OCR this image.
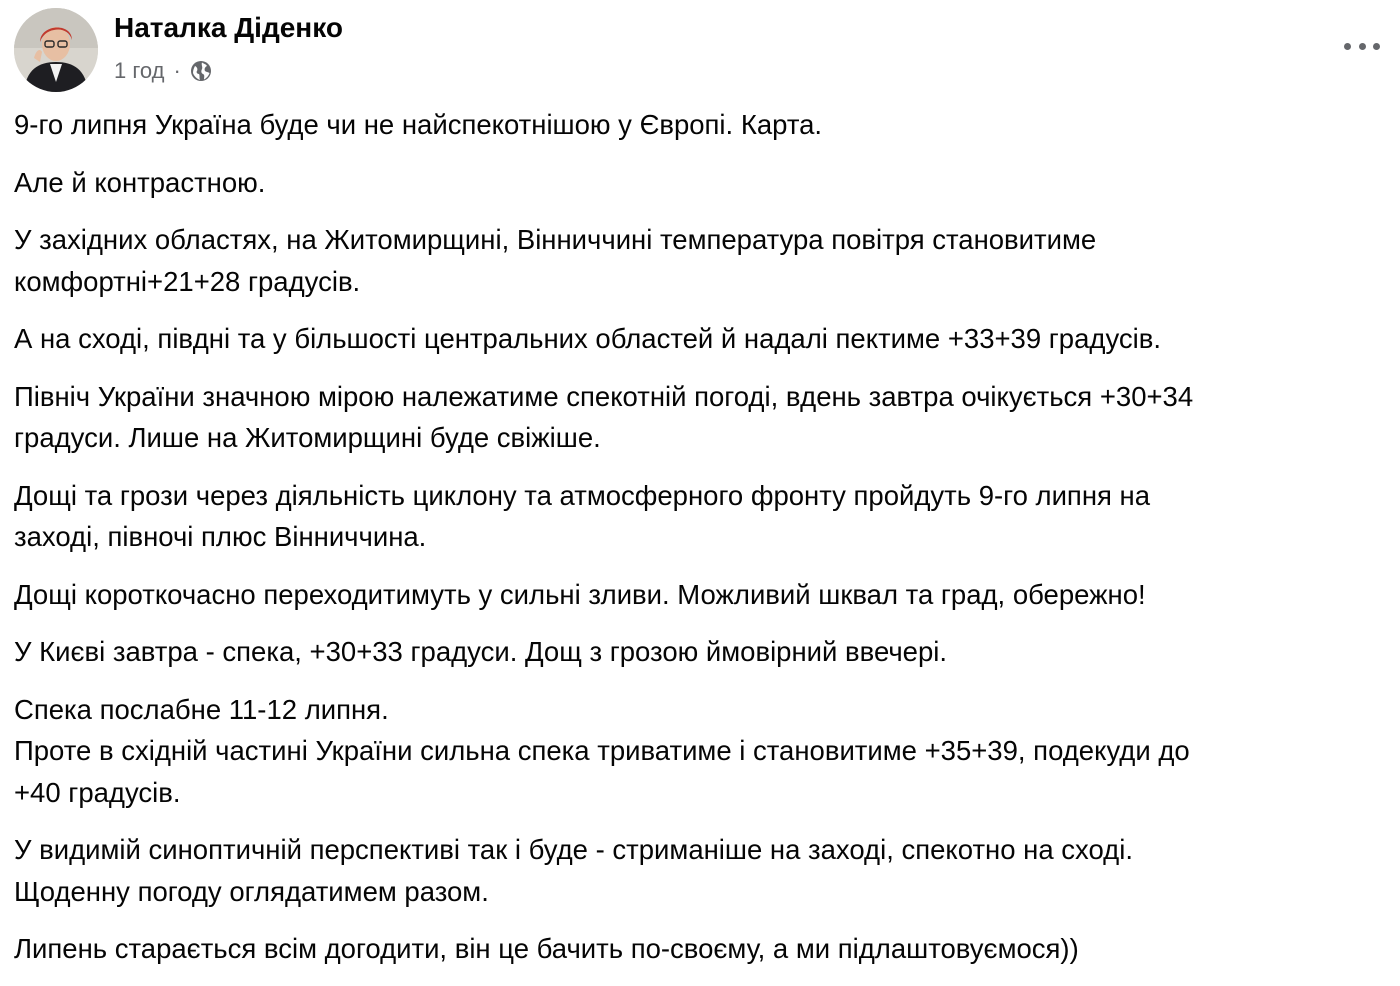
Наталка Діденко
1 год ·

9-го липня Україна буде чи не найспекотнішою у Європі. Карта.

Але й контрастною.

У західних областях, на Житомирщині, Вінниччині температура повітря становитиме
комфортні+21+28 градусів.

А на сході, півдні та у більшості центральних областей й надалі пектиме +33+39 градусів.

Північ України значною мірою належатиме спекотній погоді, вдень завтра очікується +30+34
градуси. Лише на Житомирщині буде свіжіше.

Дощі та грози через діяльність циклону та атмосферного фронту пройдуть 9-го липня на
заході, півночі плюс Вінниччина.

Дощі короткочасно переходитимуть у сильні зливи. Можливий шквал та град, обережно!

У Києві завтра - спека, +30+33 градуси. Дощ з грозою ймовірний ввечері.

Спека послабне 11-12 липня.
Проте в східній частині України сильна спека триватиме і становитиме +35+39, подекуди до
+40 градусів.

У видимій синоптичній перспективі так і буде - стриманіше на заході, спекотно на сході.
Щоденну погоду оглядатимем разом.

Липень старається всім догодити, він це бачить по-своєму, а ми підлаштовуємося))
